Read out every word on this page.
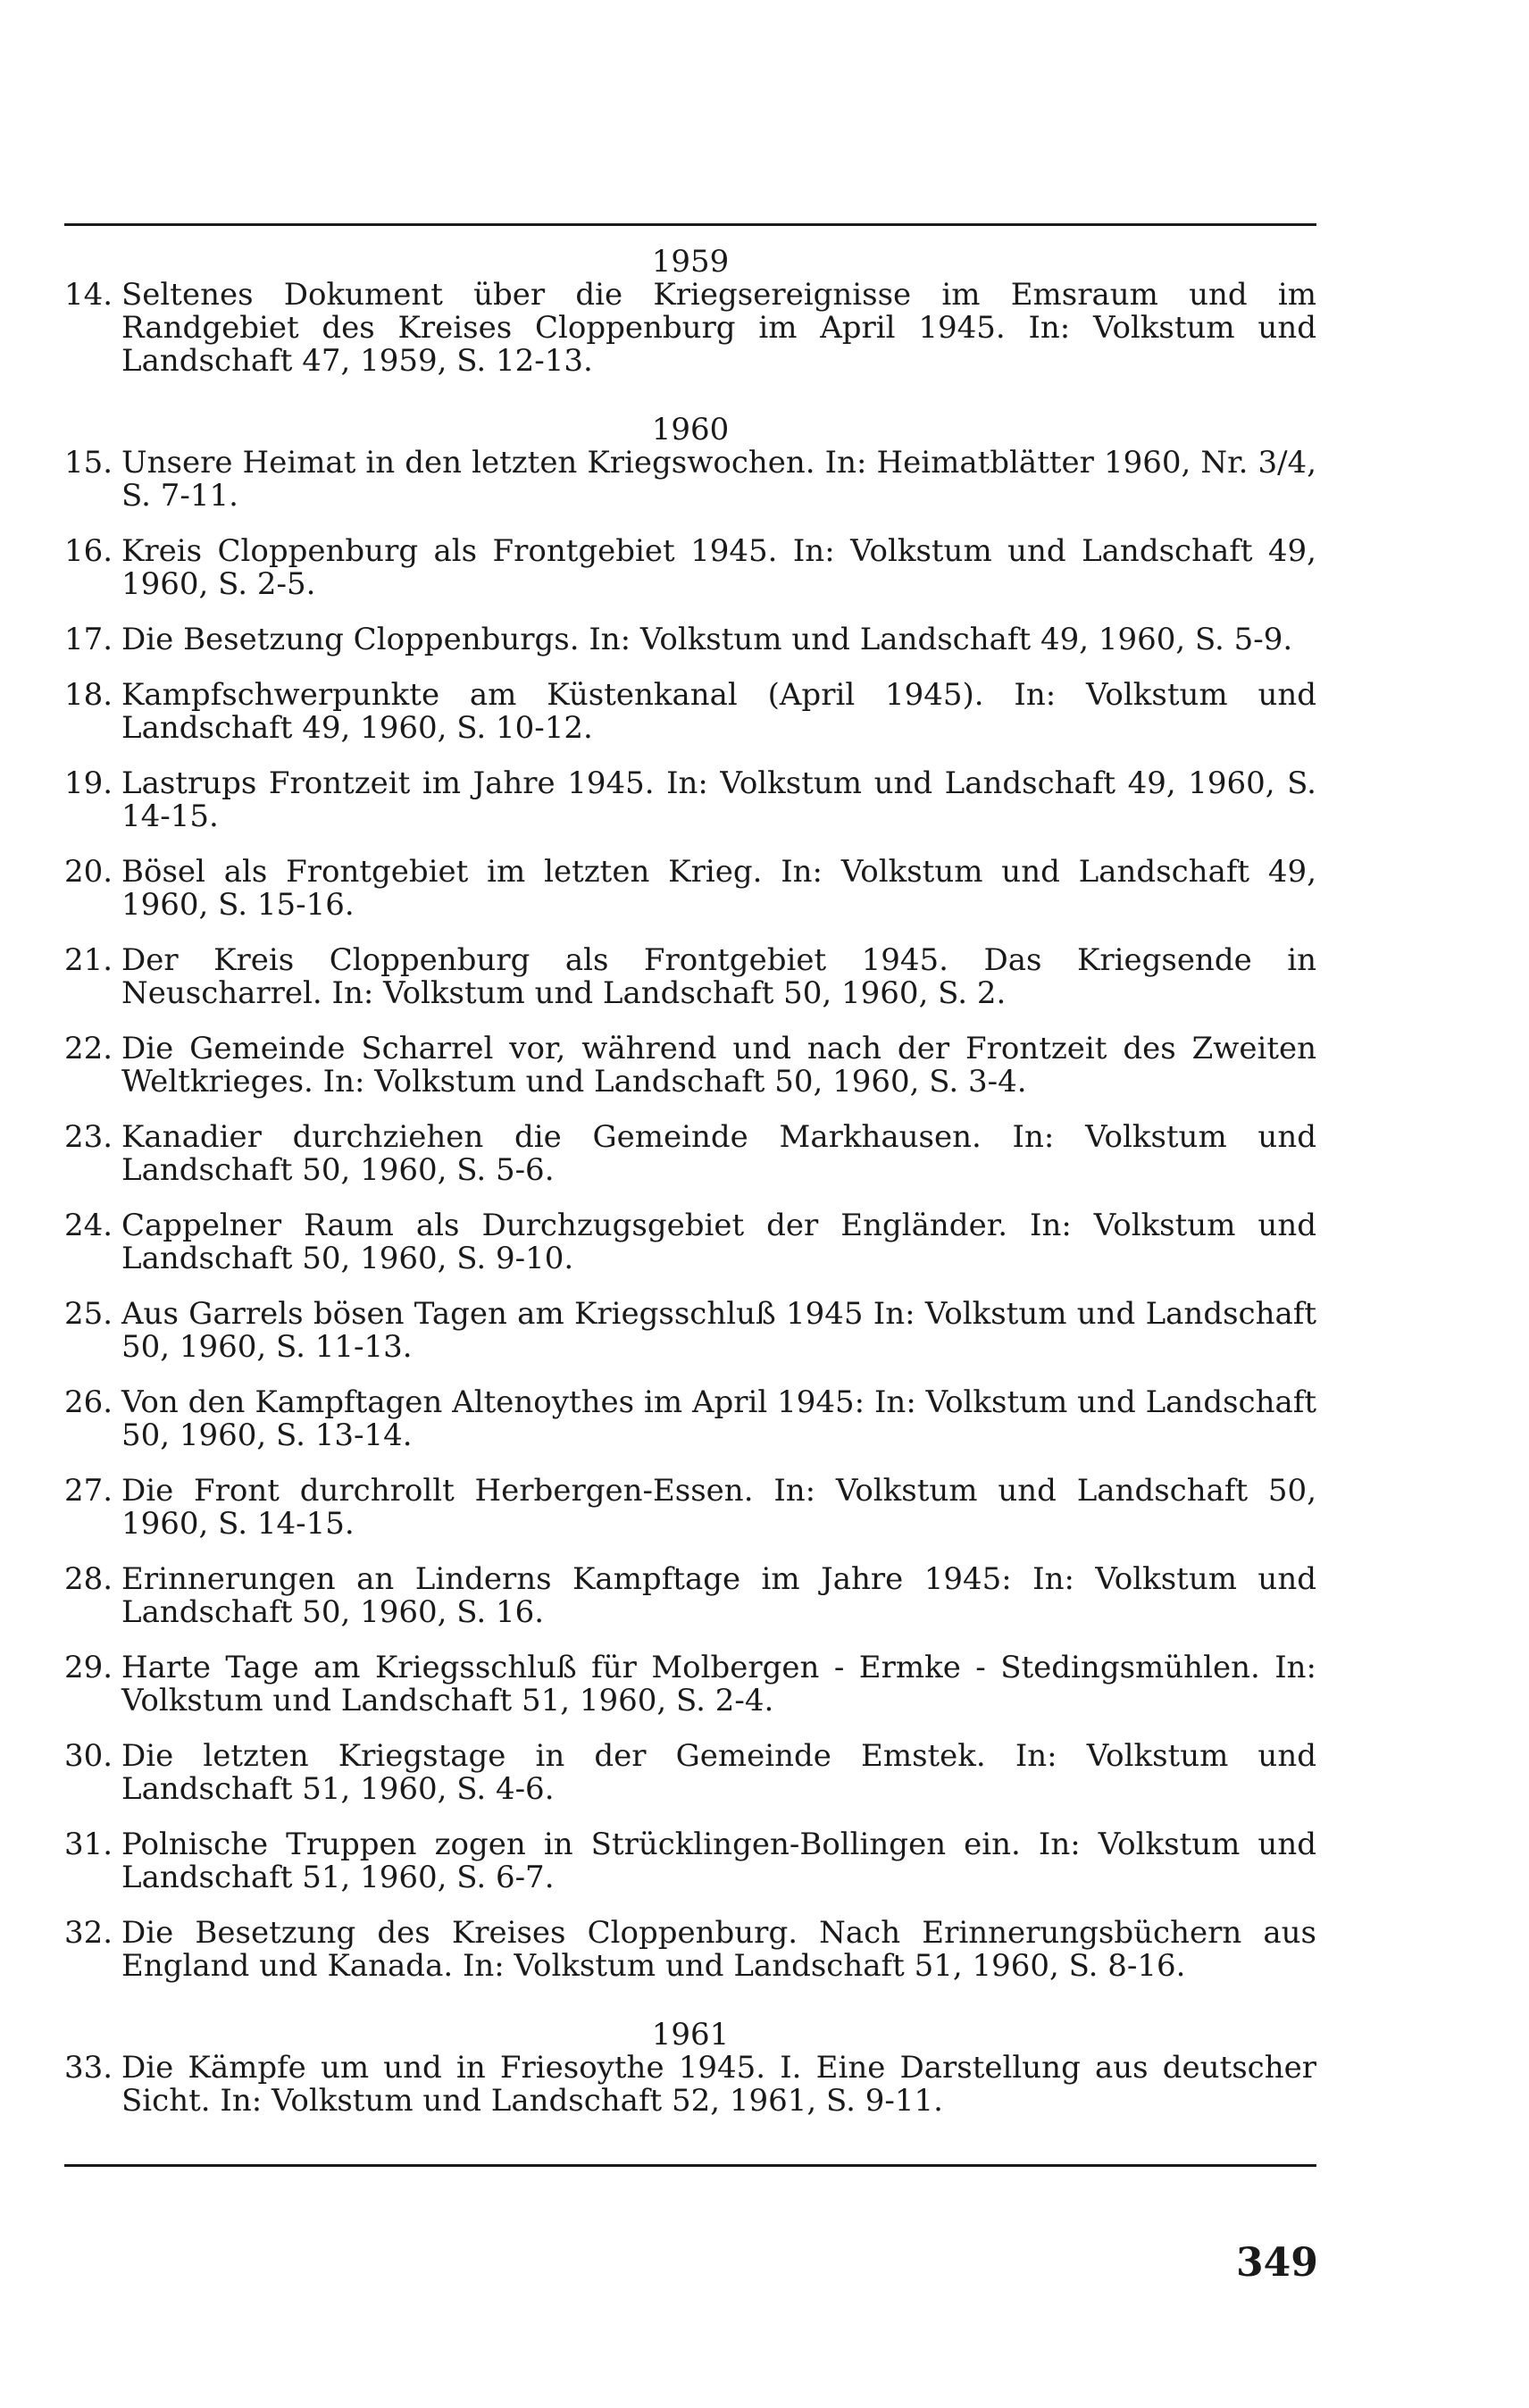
1959
14. Seltenes Dokument über die Kriegsereignisse im Emsraum und im Randgebiet des Kreises Cloppenburg im April 1945. In: Volkstum und Landschaft 47, 1959, S. 12-13.
1960
15. Unsere Heimat in den letzten Kriegswochen. In: Heimatblätter 1960, Nr. 3/4, S. 7-11.
16. Kreis Cloppenburg als Frontgebiet 1945. In: Volkstum und Landschaft 49, 1960, S. 2-5.
17. Die Besetzung Cloppenburgs. In: Volkstum und Landschaft 49, 1960, S. 5-9.
18. Kampfschwerpunkte am Küstenkanal (April 1945). In: Volkstum und Landschaft 49, 1960, S. 10-12.
19. Lastrups Frontzeit im Jahre 1945. In: Volkstum und Landschaft 49, 1960, S. 14-15.
20. Bösel als Frontgebiet im letzten Krieg. In: Volkstum und Landschaft 49, 1960, S. 15-16.
21. Der Kreis Cloppenburg als Frontgebiet 1945. Das Kriegsende in Neuscharrel. In: Volkstum und Landschaft 50, 1960, S. 2.
22. Die Gemeinde Scharrel vor, während und nach der Frontzeit des Zweiten Weltkrieges. In: Volkstum und Landschaft 50, 1960, S. 3-4.
23. Kanadier durchziehen die Gemeinde Markhausen. In: Volkstum und Landschaft 50, 1960, S. 5-6.
24. Cappelner Raum als Durchzugsgebiet der Engländer. In: Volkstum und Landschaft 50, 1960, S. 9-10.
25. Aus Garrels bösen Tagen am Kriegsschluß 1945 In: Volkstum und Landschaft 50, 1960, S. 11-13.
26. Von den Kampftagen Altenoythes im April 1945: In: Volkstum und Landschaft 50, 1960, S. 13-14.
27. Die Front durchrollt Herbergen-Essen. In: Volkstum und Landschaft 50, 1960, S. 14-15.
28. Erinnerungen an Linderns Kampftage im Jahre 1945: In: Volkstum und Landschaft 50, 1960, S. 16.
29. Harte Tage am Kriegsschluß für Molbergen - Ermke - Stedingsmühlen. In: Volkstum und Landschaft 51, 1960, S. 2-4.
30. Die letzten Kriegstage in der Gemeinde Emstek. In: Volkstum und Landschaft 51, 1960, S. 4-6.
31. Polnische Truppen zogen in Strücklingen-Bollingen ein. In: Volkstum und Landschaft 51, 1960, S. 6-7.
32. Die Besetzung des Kreises Cloppenburg. Nach Erinnerungsbüchern aus England und Kanada. In: Volkstum und Landschaft 51, 1960, S. 8-16.
1961
33. Die Kämpfe um und in Friesoythe 1945. I. Eine Darstellung aus deutscher Sicht. In: Volkstum und Landschaft 52, 1961, S. 9-11.
349
